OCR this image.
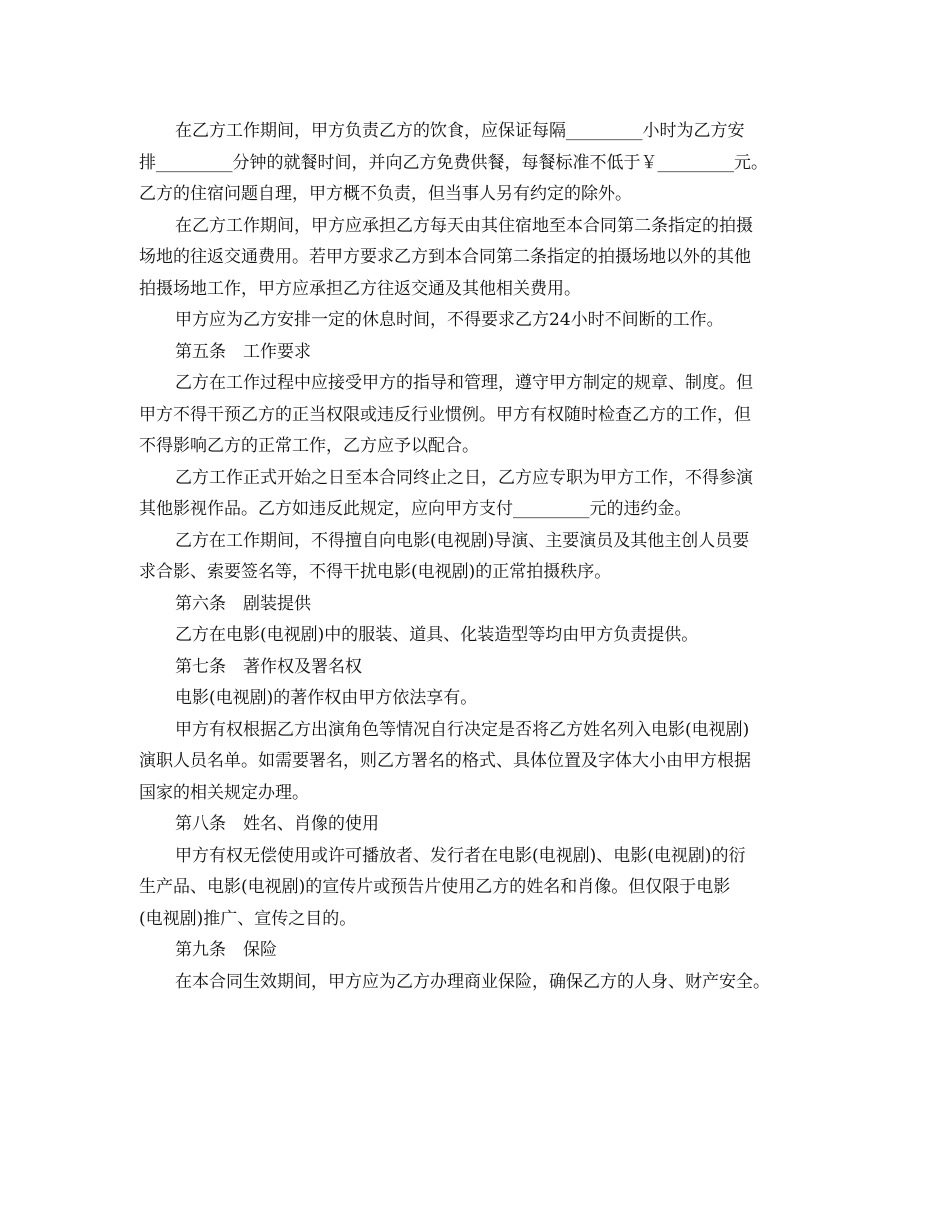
在乙方工作期间，甲方负责乙方的饮食，应保证每隔_________小时为乙方安
排_________分钟的就餐时间，并向乙方免费供餐，每餐标准不低于￥_________元。
乙方的住宿问题自理，甲方概不负责，但当事人另有约定的除外。
在乙方工作期间，甲方应承担乙方每天由其住宿地至本合同第二条指定的拍摄
场地的往返交通费用。若甲方要求乙方到本合同第二条指定的拍摄场地以外的其他
拍摄场地工作，甲方应承担乙方往返交通及其他相关费用。
甲方应为乙方安排一定的休息时间，不得要求乙方24小时不间断的工作。
第五条　工作要求
乙方在工作过程中应接受甲方的指导和管理，遵守甲方制定的规章、制度。但
甲方不得干预乙方的正当权限或违反行业惯例。甲方有权随时检查乙方的工作，但
不得影响乙方的正常工作，乙方应予以配合。
乙方工作正式开始之日至本合同终止之日，乙方应专职为甲方工作，不得参演
其他影视作品。乙方如违反此规定，应向甲方支付_________元的违约金。
乙方在工作期间，不得擅自向电影(电视剧)导演、主要演员及其他主创人员要
求合影、索要签名等，不得干扰电影(电视剧)的正常拍摄秩序。
第六条　剧装提供
乙方在电影(电视剧)中的服装、道具、化装造型等均由甲方负责提供。
第七条　著作权及署名权
电影(电视剧)的著作权由甲方依法享有。
甲方有权根据乙方出演角色等情况自行决定是否将乙方姓名列入电影(电视剧)
演职人员名单。如需要署名，则乙方署名的格式、具体位置及字体大小由甲方根据
国家的相关规定办理。
第八条　姓名、肖像的使用
甲方有权无偿使用或许可播放者、发行者在电影(电视剧)、电影(电视剧)的衍
生产品、电影(电视剧)的宣传片或预告片使用乙方的姓名和肖像。但仅限于电影
(电视剧)推广、宣传之目的。
第九条　保险
在本合同生效期间，甲方应为乙方办理商业保险，确保乙方的人身、财产安全。
